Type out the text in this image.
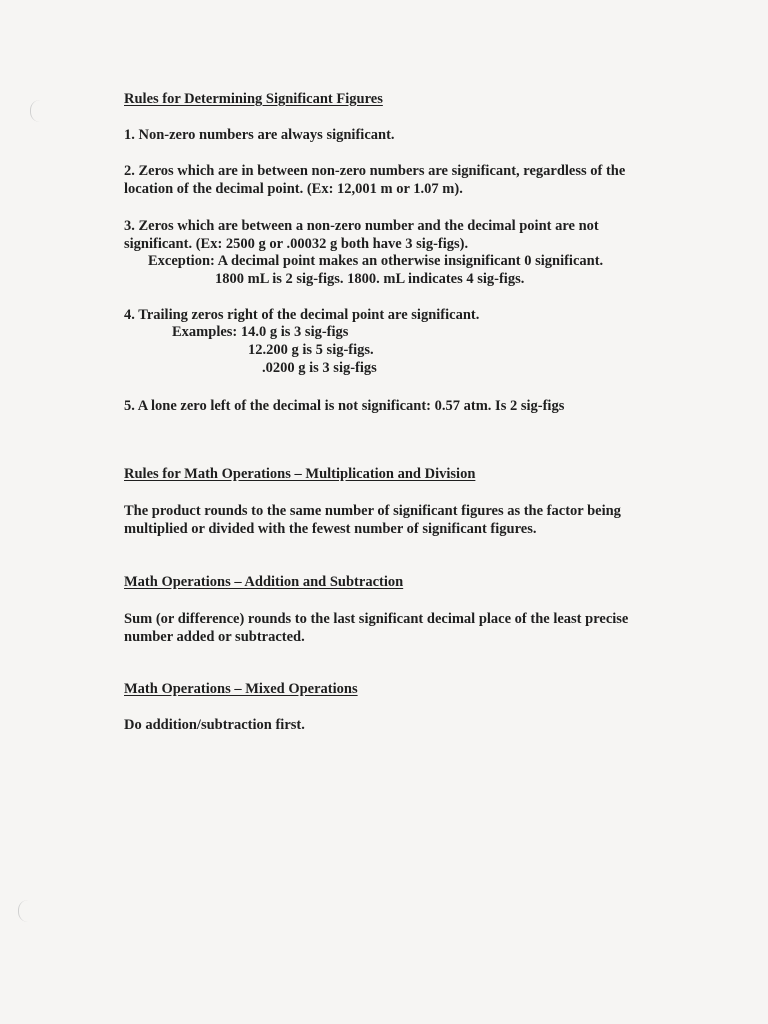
Rules for Determining Significant Figures
1. Non-zero numbers are always significant.
2. Zeros which are in between non-zero numbers are significant, regardless of the
location of the decimal point. (Ex: 12,001 m or 1.07 m).
3. Zeros which are between a non-zero number and the decimal point are not
significant. (Ex: 2500 g or .00032 g both have 3 sig-figs).
Exception: A decimal point makes an otherwise insignificant 0 significant.
1800 mL is 2 sig-figs. 1800. mL indicates 4 sig-figs.
4. Trailing zeros right of the decimal point are significant.
Examples: 14.0 g is 3 sig-figs
12.200 g is 5 sig-figs.
.0200 g is 3 sig-figs
5. A lone zero left of the decimal is not significant: 0.57 atm. Is 2 sig-figs
Rules for Math Operations – Multiplication and Division
The product rounds to the same number of significant figures as the factor being
multiplied or divided with the fewest number of significant figures.
Math Operations – Addition and Subtraction
Sum (or difference) rounds to the last significant decimal place of the least precise
number added or subtracted.
Math Operations – Mixed Operations
Do addition/subtraction first.
